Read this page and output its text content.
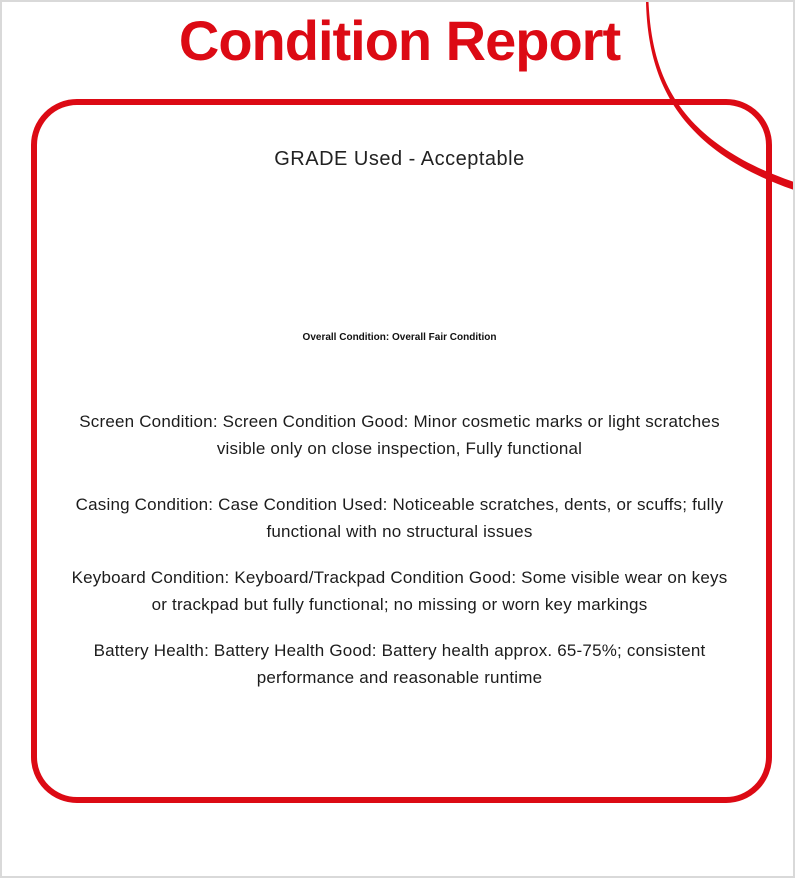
Condition Report
GRADE Used - Acceptable
Overall Condition: Overall Fair Condition

Screen Condition: Screen Condition Good: Minor cosmetic marks or light scratches visible only on close inspection, Fully functional

Casing Condition: Case Condition Used: Noticeable scratches, dents, or scuffs; fully functional with no structural issues

Keyboard Condition: Keyboard/Trackpad Condition Good: Some visible wear on keys or trackpad but fully functional; no missing or worn key markings

Battery Health: Battery Health Good: Battery health approx. 65-75%; consistent performance and reasonable runtime
